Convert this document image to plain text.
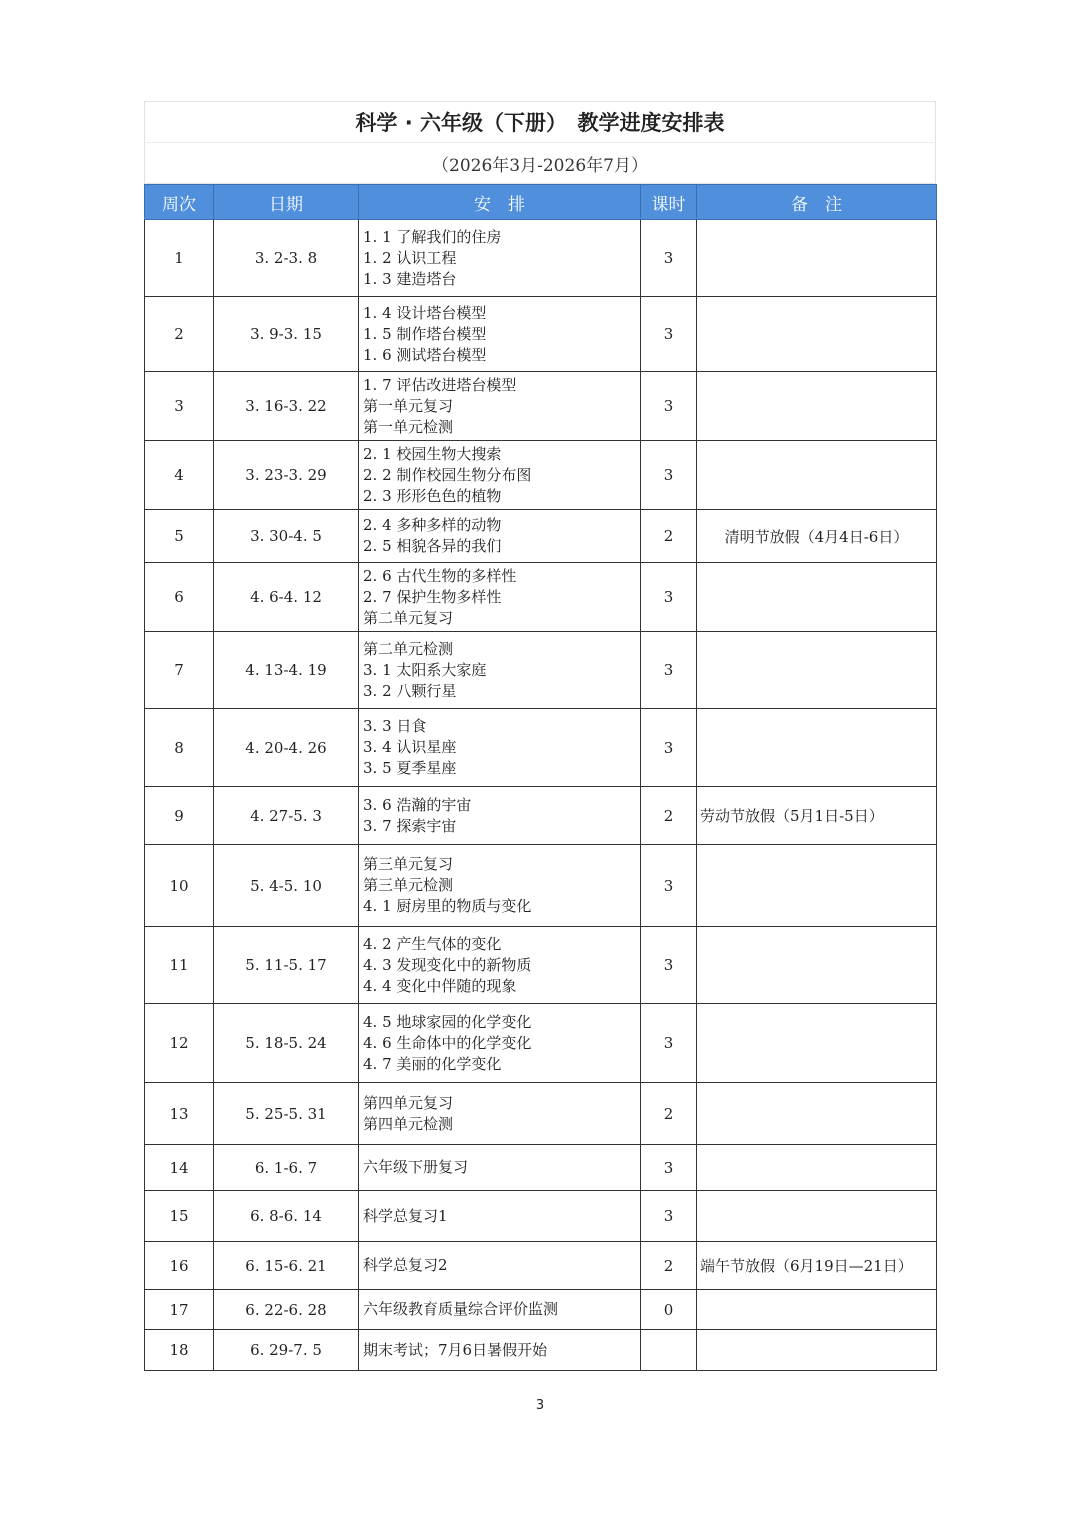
科学 · 六年级（下册）　教学进度安排表
（2026年3月-2026年7月）
周次	日期	安　排	课时	备　注
1	3. 2-3. 8	1. 1 了解我们的住房
1. 2 认识工程
1. 3 建造塔台	3	
2	3. 9-3. 15	1. 4 设计塔台模型
1. 5 制作塔台模型
1. 6 测试塔台模型	3	
3	3. 16-3. 22	1. 7 评估改进塔台模型
第一单元复习
第一单元检测	3	
4	3. 23-3. 29	2. 1 校园生物大搜索
2. 2 制作校园生物分布图
2. 3 形形色色的植物	3	
5	3. 30-4. 5	2. 4 多种多样的动物
2. 5 相貌各异的我们	2	清明节放假（4月4日-6日）
6	4. 6-4. 12	2. 6 古代生物的多样性
2. 7 保护生物多样性
第二单元复习	3	
7	4. 13-4. 19	第二单元检测
3. 1 太阳系大家庭
3. 2 八颗行星	3	
8	4. 20-4. 26	3. 3 日食
3. 4 认识星座
3. 5 夏季星座	3	
9	4. 27-5. 3	3. 6 浩瀚的宇宙
3. 7 探索宇宙	2	劳动节放假（5月1日-5日）
10	5. 4-5. 10	第三单元复习
第三单元检测
4. 1 厨房里的物质与变化	3	
11	5. 11-5. 17	4. 2 产生气体的变化
4. 3 发现变化中的新物质
4. 4 变化中伴随的现象	3	
12	5. 18-5. 24	4. 5 地球家园的化学变化
4. 6 生命体中的化学变化
4. 7 美丽的化学变化	3	
13	5. 25-5. 31	第四单元复习
第四单元检测	2	
14	6. 1-6. 7	六年级下册复习	3	
15	6. 8-6. 14	科学总复习1	3	
16	6. 15-6. 21	科学总复习2	2	端午节放假（6月19日—21日）
17	6. 22-6. 28	六年级教育质量综合评价监测	0	
18	6. 29-7. 5	期末考试；7月6日暑假开始		

3
